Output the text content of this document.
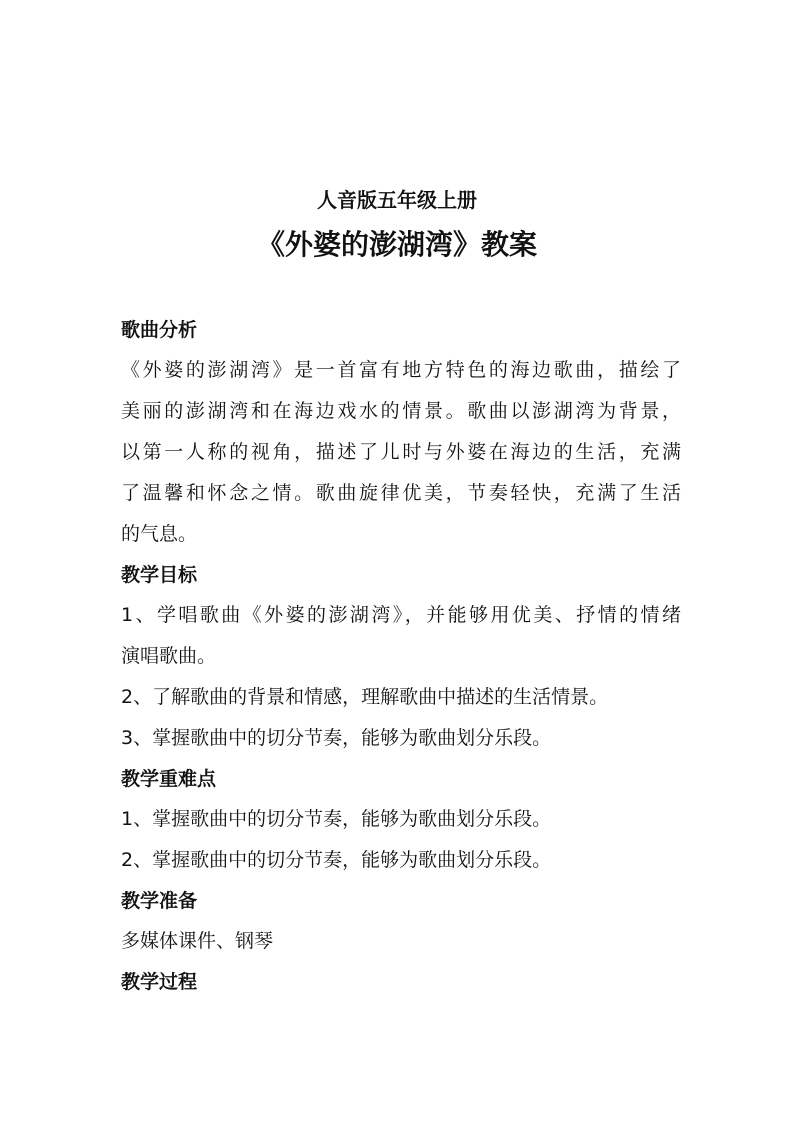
人音版五年级上册
《外婆的澎湖湾》教案
歌曲分析
《外婆的澎湖湾》是一首富有地方特色的海边歌曲，描绘了
美丽的澎湖湾和在海边戏水的情景。歌曲以澎湖湾为背景，
以第一人称的视角，描述了儿时与外婆在海边的生活，充满
了温馨和怀念之情。歌曲旋律优美，节奏轻快，充满了生活
的气息。
教学目标
1、学唱歌曲《外婆的澎湖湾》，并能够用优美、抒情的情绪
演唱歌曲。
2、了解歌曲的背景和情感，理解歌曲中描述的生活情景。
3、掌握歌曲中的切分节奏，能够为歌曲划分乐段。
教学重难点
1、掌握歌曲中的切分节奏，能够为歌曲划分乐段。
2、掌握歌曲中的切分节奏，能够为歌曲划分乐段。
教学准备
多媒体课件、钢琴
教学过程
